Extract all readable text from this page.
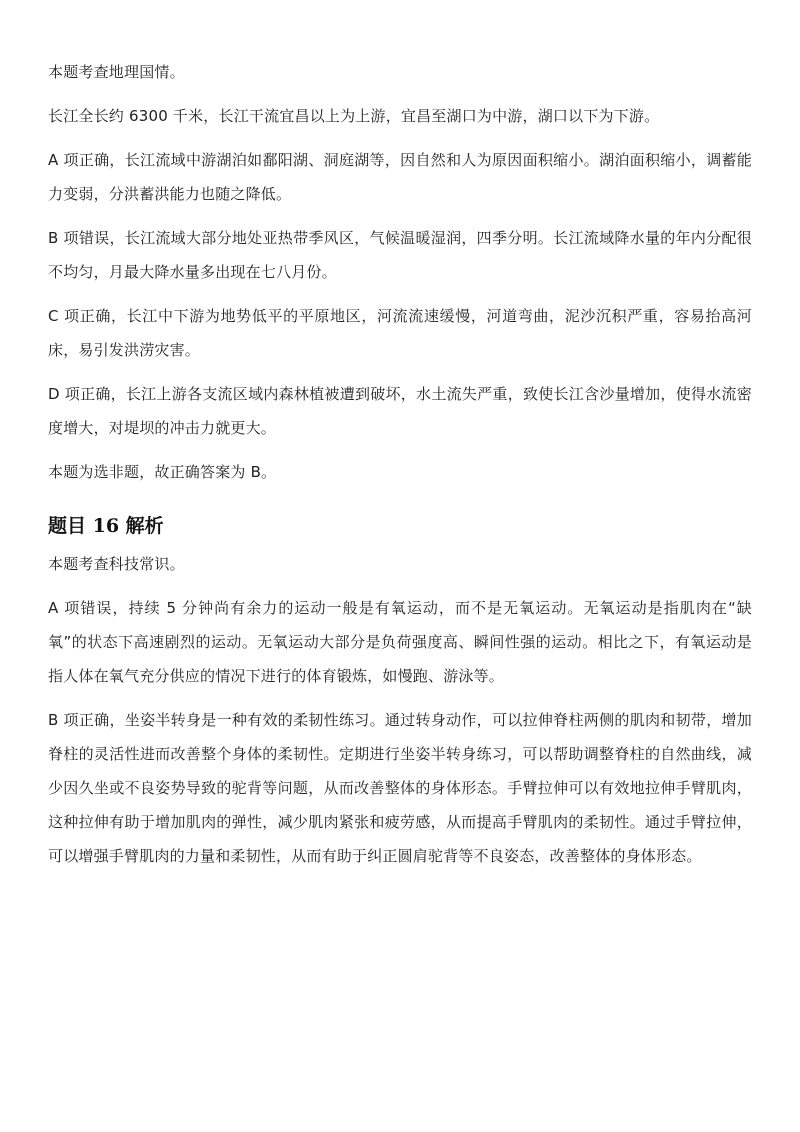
本题考查地理国情。

长江全长约 6300 千米，长江干流宜昌以上为上游，宜昌至湖口为中游，湖口以下为下游。

A 项正确，长江流域中游湖泊如鄱阳湖、洞庭湖等，因自然和人为原因面积缩小。湖泊面积缩小，调蓄能力变弱，分洪蓄洪能力也随之降低。

B 项错误，长江流域大部分地处亚热带季风区，气候温暖湿润，四季分明。长江流域降水量的年内分配很不均匀，月最大降水量多出现在七八月份。

C 项正确，长江中下游为地势低平的平原地区，河流流速缓慢，河道弯曲，泥沙沉积严重，容易抬高河床，易引发洪涝灾害。

D 项正确，长江上游各支流区域内森林植被遭到破坏，水土流失严重，致使长江含沙量增加，使得水流密度增大，对堤坝的冲击力就更大。

本题为选非题，故正确答案为 B。

题目 16 解析

本题考查科技常识。

A 项错误，持续 5 分钟尚有余力的运动一般是有氧运动，而不是无氧运动。无氧运动是指肌肉在“缺氧”的状态下高速剧烈的运动。无氧运动大部分是负荷强度高、瞬间性强的运动。相比之下，有氧运动是指人体在氧气充分供应的情况下进行的体育锻炼，如慢跑、游泳等。

B 项正确，坐姿半转身是一种有效的柔韧性练习。通过转身动作，可以拉伸脊柱两侧的肌肉和韧带，增加脊柱的灵活性进而改善整个身体的柔韧性。定期进行坐姿半转身练习，可以帮助调整脊柱的自然曲线，减少因久坐或不良姿势导致的驼背等问题，从而改善整体的身体形态。手臂拉伸可以有效地拉伸手臂肌肉，这种拉伸有助于增加肌肉的弹性，减少肌肉紧张和疲劳感，从而提高手臂肌肉的柔韧性。通过手臂拉伸，可以增强手臂肌肉的力量和柔韧性，从而有助于纠正圆肩驼背等不良姿态，改善整体的身体形态。
